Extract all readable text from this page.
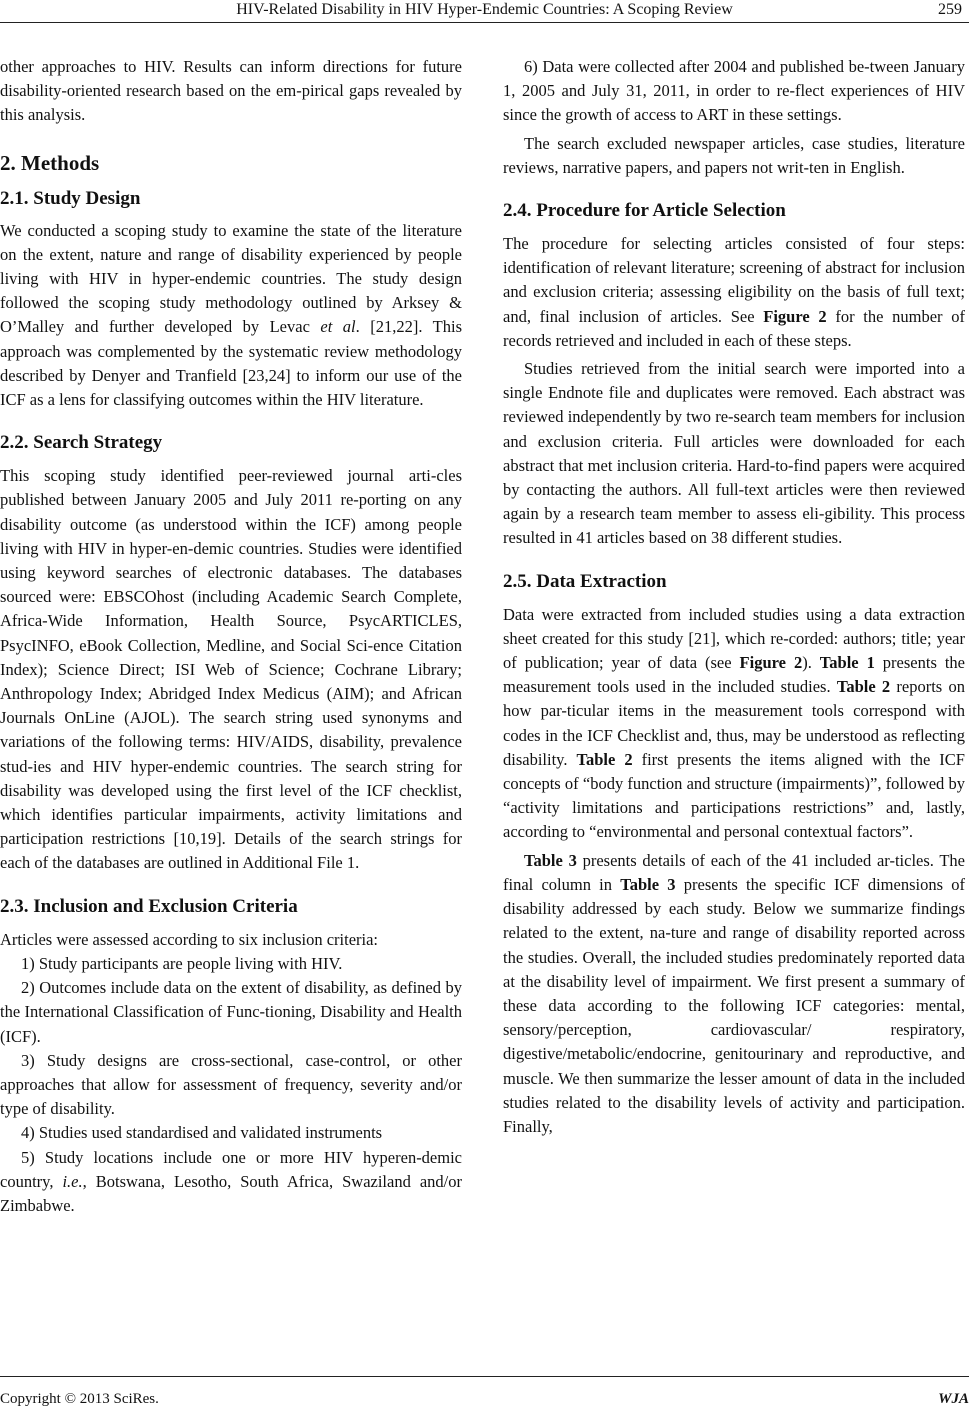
HIV-Related Disability in HIV Hyper-Endemic Countries: A Scoping Review	259

other approaches to HIV. Results can inform directions for future disability-oriented research based on the em-pirical gaps revealed by this analysis.

2. Methods
2.1. Study Design

We conducted a scoping study to examine the state of the literature on the extent, nature and range of disability experienced by people living with HIV in hyper-endemic countries. The study design followed the scoping study methodology outlined by Arksey & O’Malley and further developed by Levac et al. [21,22]. This approach was complemented by the systematic review methodology described by Denyer and Tranfield [23,24] to inform our use of the ICF as a lens for classifying outcomes within the HIV literature.

2.2. Search Strategy

This scoping study identified peer-reviewed journal arti-cles published between January 2005 and July 2011 re-porting on any disability outcome (as understood within the ICF) among people living with HIV in hyper-en-demic countries. Studies were identified using keyword searches of electronic databases. The databases sourced were: EBSCOhost (including Academic Search Complete, Africa-Wide Information, Health Source, PsycARTICLES, PsycINFO, eBook Collection, Medline, and Social Sci-ence Citation Index); Science Direct; ISI Web of Science; Cochrane Library; Anthropology Index; Abridged Index Medicus (AIM); and African Journals OnLine (AJOL). The search string used synonyms and variations of the following terms: HIV/AIDS, disability, prevalence stud-ies and HIV hyper-endemic countries. The search string for disability was developed using the first level of the ICF checklist, which identifies particular impairments, activity limitations and participation restrictions [10,19]. Details of the search strings for each of the databases are outlined in Additional File 1.

2.3. Inclusion and Exclusion Criteria

Articles were assessed according to six inclusion criteria:

1) Study participants are people living with HIV.

2) Outcomes include data on the extent of disability, as defined by the International Classification of Func-tioning, Disability and Health (ICF).

3) Study designs are cross-sectional, case-control, or other approaches that allow for assessment of frequency, severity and/or type of disability.

4) Studies used standardised and validated instruments

5) Study locations include one or more HIV hyperen-demic country, i.e., Botswana, Lesotho, South Africa, Swaziland and/or Zimbabwe.

6) Data were collected after 2004 and published be-tween January 1, 2005 and July 31, 2011, in order to re-flect experiences of HIV since the growth of access to ART in these settings.

The search excluded newspaper articles, case studies, literature reviews, narrative papers, and papers not writ-ten in English.

2.4. Procedure for Article Selection

The procedure for selecting articles consisted of four steps: identification of relevant literature; screening of abstract for inclusion and exclusion criteria; assessing eligibility on the basis of full text; and, final inclusion of articles. See Figure 2 for the number of records retrieved and included in each of these steps.

Studies retrieved from the initial search were imported into a single Endnote file and duplicates were removed. Each abstract was reviewed independently by two re-search team members for inclusion and exclusion criteria. Full articles were downloaded for each abstract that met inclusion criteria. Hard-to-find papers were acquired by contacting the authors. All full-text articles were then reviewed again by a research team member to assess eli-gibility. This process resulted in 41 articles based on 38 different studies.

2.5. Data Extraction

Data were extracted from included studies using a data extraction sheet created for this study [21], which re-corded: authors; title; year of publication; year of data (see Figure 2). Table 1 presents the measurement tools used in the included studies. Table 2 reports on how par-ticular items in the measurement tools correspond with codes in the ICF Checklist and, thus, may be understood as reflecting disability. Table 2 first presents the items aligned with the ICF concepts of “body function and structure (impairments)”, followed by “activity limitations and participations restrictions” and, lastly, according to “environmental and personal contextual factors”.

Table 3 presents details of each of the 41 included ar-ticles. The final column in Table 3 presents the specific ICF dimensions of disability addressed by each study. Below we summarize findings related to the extent, na-ture and range of disability reported across the studies. Overall, the included studies predominately reported data at the disability level of impairment. We first present a summary of these data according to the following ICF categories: mental, sensory/perception, cardiovascular/ respiratory, digestive/metabolic/endocrine, genitourinary and reproductive, and muscle. We then summarize the lesser amount of data in the included studies related to the disability levels of activity and participation. Finally,

Copyright © 2013 SciRes.	WJA
